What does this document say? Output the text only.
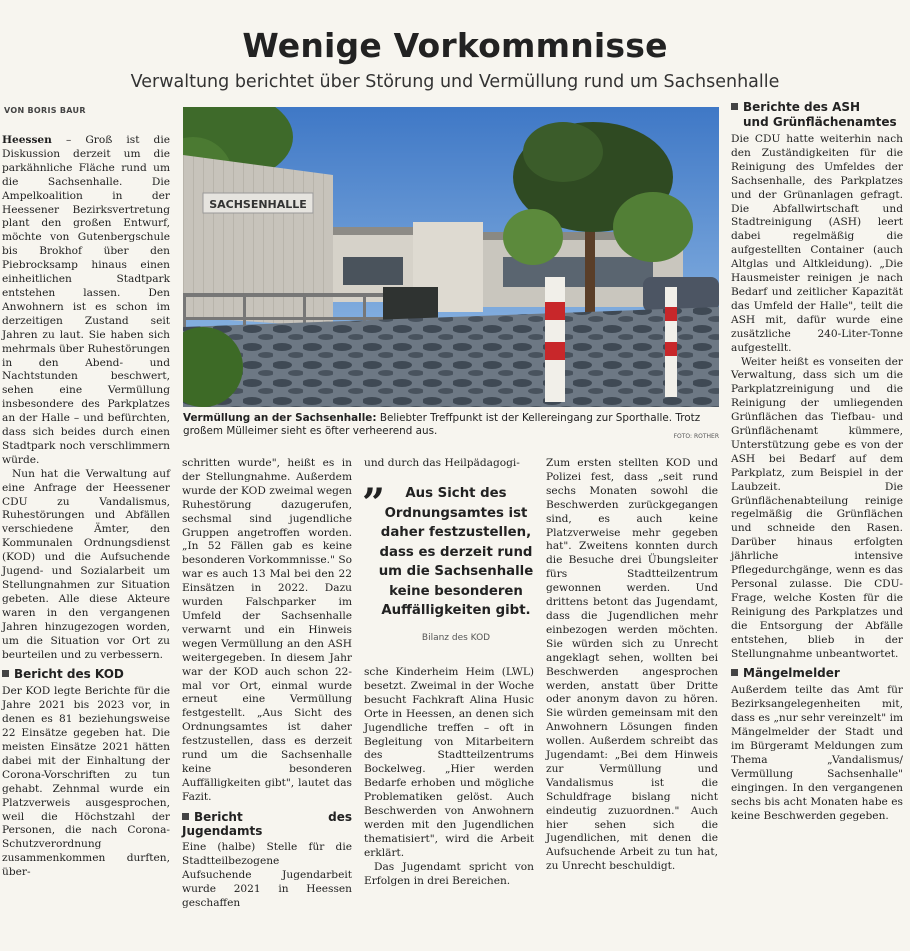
Wenige Vorkommnisse
Verwaltung berichtet über Störung und Vermüllung rund um Sachsenhalle
VON BORIS BAUR

Heessen – Groß ist die Diskussion derzeit um die parkähnliche Fläche rund um die Sachsenhalle. Die Ampelkoalition in der Heessener Bezirksvertretung plant den großen Entwurf, möchte von Gutenbergschule bis Brokhof über den Piebrocksamp hinaus einen einheitlichen Stadtpark entstehen lassen. Den Anwohnern ist es schon im derzeitigen Zustand seit Jahren zu laut. Sie haben sich mehrmals über Ruhestörungen in den Abend- und Nachtstunden beschwert, sehen eine Vermüllung insbesondere des Parkplatzes an der Halle – und befürchten, dass sich beides durch einen Stadtpark noch verschlimmern würde.

Nun hat die Verwaltung auf eine Anfrage der Heessener CDU zu Vandalismus, Ruhestörungen und Abfällen verschiedene Ämter, den Kommunalen Ordnungsdienst (KOD) und die Aufsuchende Jugend- und Sozialarbeit um Stellungnahmen zur Situation gebeten. Alle diese Akteure waren in den vergangenen Jahren hinzugezogen worden, um die Situation vor Ort zu beurteilen und zu verbessern.

Bericht des KOD

Der KOD legte Berichte für die Jahre 2021 bis 2023 vor, in denen es 81 beziehungsweise 22 Einsätze gegeben hat. Die meisten Einsätze 2021 hätten dabei mit der Einhaltung der Corona-Vorschriften zu tun gehabt. Zehnmal wurde ein Platzverweis ausgesprochen, weil die Höchstzahl der Personen, die nach Corona-Schutzverordnung zusammenkommen durften, über-

SACHSENHALLE
Vermüllung an der Sachsenhalle: Beliebter Treffpunkt ist der Kellereingang zur Sporthalle. Trotz großem Mülleimer sieht es öfter verheerend aus.	FOTO: ROTHER

schritten wurde", heißt es in der Stellungnahme. Außerdem wurde der KOD zweimal wegen Ruhestörung dazugerufen, sechsmal sind jugendliche Gruppen angetroffen worden. „In 52 Fällen gab es keine besonderen Vorkommnisse." So war es auch 13 Mal bei den 22 Einsätzen in 2022. Dazu wurden Falschparker im Umfeld der Sachsenhalle verwarnt und ein Hinweis wegen Vermüllung an den ASH weitergegeben. In diesem Jahr war der KOD auch schon 22-mal vor Ort, einmal wurde erneut eine Vermüllung festgestellt. „Aus Sicht des Ordnungsamtes ist daher festzustellen, dass es derzeit rund um die Sachsenhalle keine besonderen Auffälligkeiten gibt", lautet das Fazit.

Bericht des Jugendamts

Eine (halbe) Stelle für die Stadtteilbezogene Aufsuchende Jugendarbeit wurde 2021 in Heessen geschaffen

und durch das Heilpädagogi-

”	Aus Sicht des Ordnungsamtes ist daher festzustellen, dass es derzeit rund um die Sachsenhalle keine besonderen Auffälligkeiten gibt.
Bilanz des KOD

sche Kinderheim Heim (LWL) besetzt. Zweimal in der Woche besucht Fachkraft Alina Husic Orte in Heessen, an denen sich Jugendliche treffen – oft in Begleitung von Mitarbeitern des Stadtteilzentrums Bockelweg. „Hier werden Bedarfe erhoben und mögliche Problematiken gelöst. Auch Beschwerden von Anwohnern werden mit den Jugendlichen thematisiert", wird die Arbeit erklärt.

Das Jugendamt spricht von Erfolgen in drei Bereichen.

Zum ersten stellten KOD und Polizei fest, dass „seit rund sechs Monaten sowohl die Beschwerden zurückgegangen sind, es auch keine Platzverweise mehr gegeben hat". Zweitens konnten durch die Besuche drei Übungsleiter fürs Stadtteilzentrum gewonnen werden. Und drittens betont das Jugendamt, dass die Jugendlichen mehr einbezogen werden möchten. Sie würden sich zu Unrecht angeklagt sehen, wollten bei Beschwerden angesprochen werden, anstatt über Dritte oder anonym davon zu hören. Sie würden gemeinsam mit den Anwohnern Lösungen finden wollen. Außerdem schreibt das Jugendamt: „Bei dem Hinweis zur Vermüllung und Vandalismus ist die Schuldfrage bislang nicht eindeutig zuzuordnen." Auch hier sehen sich die Jugendlichen, mit denen die Aufsuchende Arbeit zu tun hat, zu Unrecht beschuldigt.

Berichte des ASH
und Grünflächenamtes

Die CDU hatte weiterhin nach den Zuständigkeiten für die Reinigung des Umfeldes der Sachsenhalle, des Parkplatzes und der Grünanlagen gefragt. Die Abfallwirtschaft und Stadtreinigung (ASH) leert dabei regelmäßig die aufgestellten Container (auch Altglas und Altkleidung). „Die Hausmeister reinigen je nach Bedarf und zeitlicher Kapazität das Umfeld der Halle", teilt die ASH mit, dafür wurde eine zusätzliche 240-Liter-Tonne aufgestellt.

Weiter heißt es vonseiten der Verwaltung, dass sich um die Parkplatzreinigung und die Reinigung der umliegenden Grünflächen das Tiefbau- und Grünflächenamt kümmere, Unterstützung gebe es von der ASH bei Bedarf auf dem Parkplatz, zum Beispiel in der Laubzeit. Die Grünflächenabteilung reinige regelmäßig die Grünflächen und schneide den Rasen. Darüber hinaus erfolgten jährliche intensive Pflegedurchgänge, wenn es das Personal zulasse. Die CDU-Frage, welche Kosten für die Reinigung des Parkplatzes und die Entsorgung der Abfälle entstehen, blieb in der Stellungnahme unbeantwortet.

Mängelmelder

Außerdem teilte das Amt für Bezirksangelegenheiten mit, dass es „nur sehr vereinzelt" im Mängelmelder der Stadt und im Bürgeramt Meldungen zum Thema „Vandalismus/ Vermüllung Sachsenhalle" eingingen. In den vergangenen sechs bis acht Monaten habe es keine Beschwerden gegeben.
